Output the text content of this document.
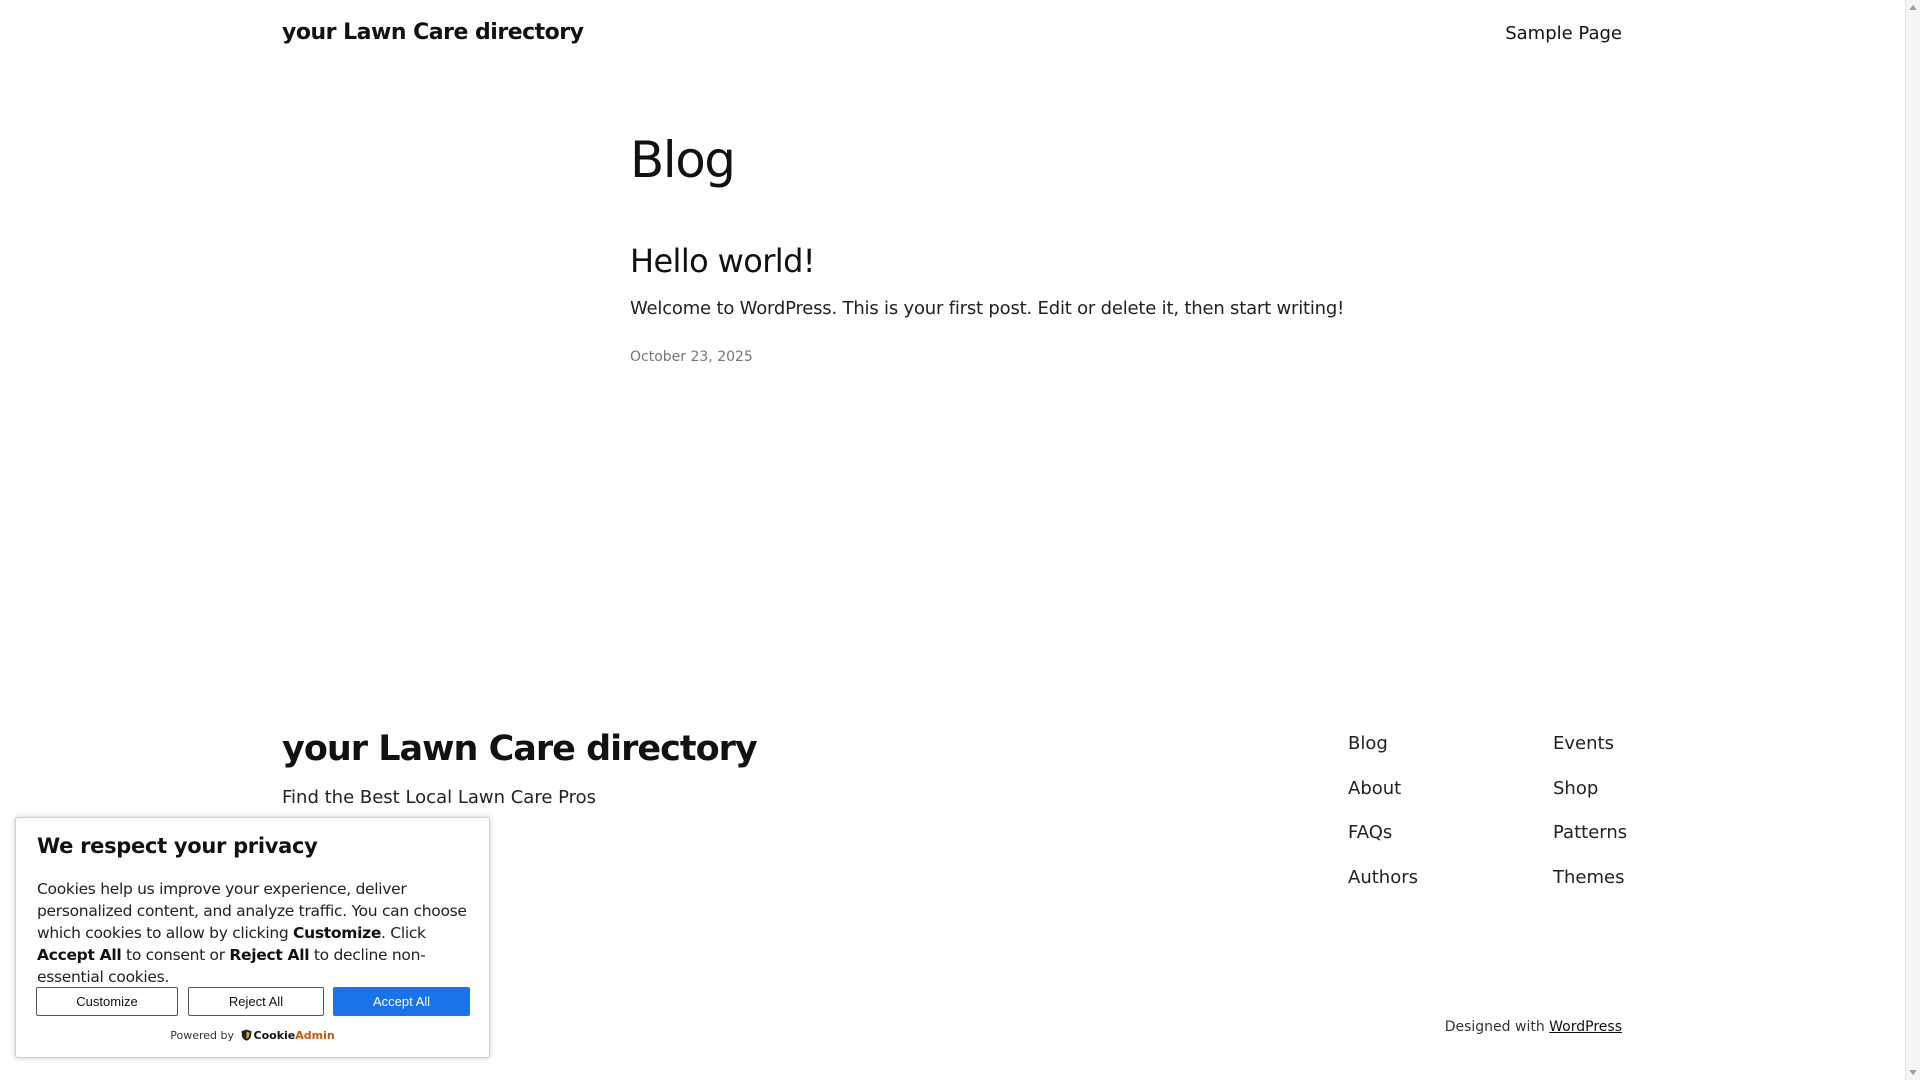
your Lawn Care directory	Sample Page
Blog
Hello world!

Welcome to WordPress. This is your first post. Edit or delete it, then start writing!

October 23, 2025

your Lawn Care directory
Find the Best Local Lawn Care Pros
Blog
About
FAQs
Authors
Events
Shop
Patterns
Themes
Designed with WordPress
We respect your privacy

Cookies help us improve your experience, deliver personalized content, and analyze traffic. You can choose which cookies to allow by clicking Customize. Click Accept All to consent or Reject All to decline non-essential cookies.

Customize	Reject All	Accept All
Powered by CookieAdmin
